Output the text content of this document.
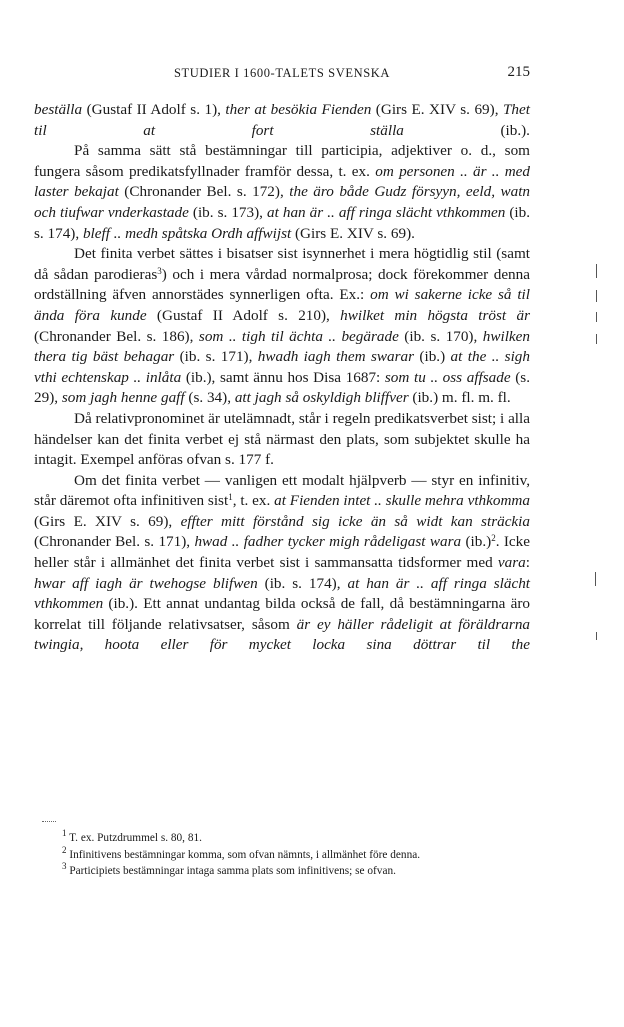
STUDIER I 1600-TALETS SVENSKA	215

beställa (Gustaf II Adolf s. 1), ther at besökia Fienden (Girs E. XIV s. 69), Thet til at fort ställa (ib.).

På samma sätt stå bestämningar till participia, adjektiver o. d., som fungera såsom predikatsfyllnader framför dessa, t. ex. om personen .. är .. med laster bekajat (Chronander Bel. s. 172), the äro både Gudz försyyn, eeld, watn och tiufwar vnderkastade (ib. s. 173), at han är .. aff ringa slächt vthkommen (ib. s. 174), bleff .. medh spåtska Ordh affwijst (Girs E. XIV s. 69).

Det finita verbet sättes i bisatser sist isynnerhet i mera högtidlig stil (samt då sådan parodieras$^3$) och i mera vårdad normalprosa; dock förekommer denna ordställning äfven annorstädes synnerligen ofta. Ex.: om wi sakerne icke så til ända föra kunde (Gustaf II Adolf s. 210), hwilket min högsta tröst är (Chronander Bel. s. 186), som .. tigh til ächta .. begärade (ib. s. 170), hwilken thera tig bäst behagar (ib. s. 171), hwadh iagh them swarar (ib.) at the .. sigh vthi echtenskap .. inlåta (ib.), samt ännu hos Disa 1687: som tu .. oss affsade (s. 29), som jagh henne gaff (s. 34), att jagh så oskyldigh bliffver (ib.) m. fl. m. fl.

Då relativpronominet är utelämnadt, står i regeln predikatsverbet sist; i alla händelser kan det finita verbet ej stå närmast den plats, som subjektet skulle ha intagit. Exempel anföras ofvan s. 177 f.

Om det finita verbet — vanligen ett modalt hjälpverb — styr en infinitiv, står däremot ofta infinitiven sist$^1$, t. ex. at Fienden intet .. skulle mehra vthkomma (Girs E. XIV s. 69), effter mitt förstånd sig icke än så widt kan sträckia (Chronander Bel. s. 171), hwad .. fadher tycker migh rådeligast wara $(ib.)^2$. Icke heller står i allmänhet det finita verbet sist i sammansatta tidsformer med vara: hwar aff iagh är twehogse blifwen (ib. s. 174), at han är .. aff ringa slächt vthkommen (ib.). Ett annat undantag bilda också de fall, då bestämningarna äro korrelat till följande relativsatser, såsom är ey häller rådeligit at föräldrarna twingia, hoota eller för mycket locka sina döttrar til the

$^1$ T. ex. Putzdrummel s. 80, 81.

$^2$ Infinitivens bestämningar komma, som ofvan nämnts, i allmänhet före denna.

$^3$ Participiets bestämningar intaga samma plats som infinitivens; se ofvan.
